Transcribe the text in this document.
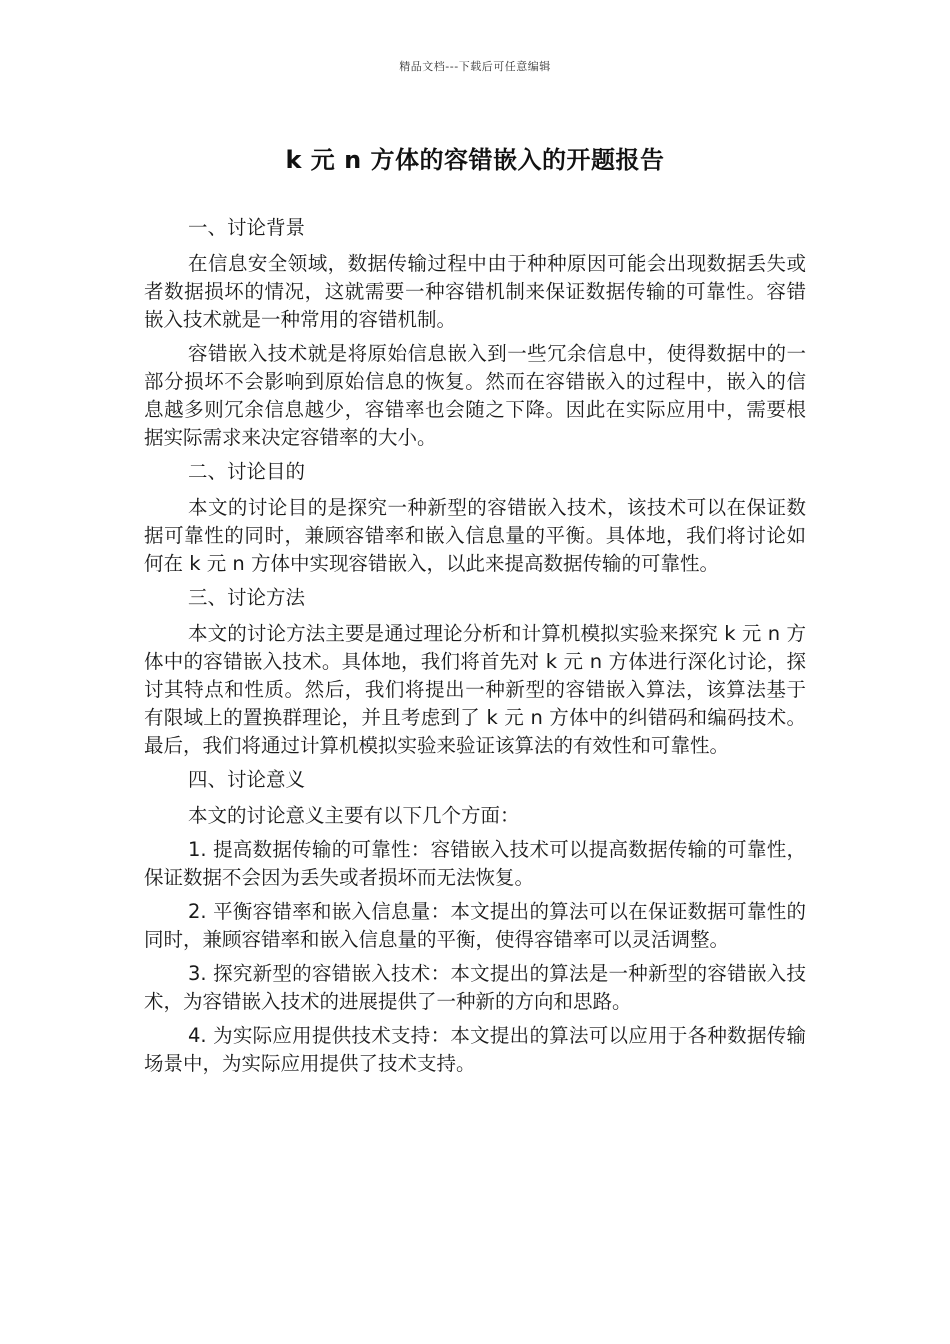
精品文档---下载后可任意编辑
k 元 n 方体的容错嵌入的开题报告

一、讨论背景

在信息安全领域，数据传输过程中由于种种原因可能会出现数据丢失或者数据损坏的情况，这就需要一种容错机制来保证数据传输的可靠性。容错嵌入技术就是一种常用的容错机制。

容错嵌入技术就是将原始信息嵌入到一些冗余信息中，使得数据中的一部分损坏不会影响到原始信息的恢复。然而在容错嵌入的过程中，嵌入的信息越多则冗余信息越少，容错率也会随之下降。因此在实际应用中，需要根据实际需求来决定容错率的大小。

二、讨论目的

本文的讨论目的是探究一种新型的容错嵌入技术，该技术可以在保证数据可靠性的同时，兼顾容错率和嵌入信息量的平衡。具体地，我们将讨论如何在 k 元 n 方体中实现容错嵌入，以此来提高数据传输的可靠性。

三、讨论方法

本文的讨论方法主要是通过理论分析和计算机模拟实验来探究 k 元 n 方体中的容错嵌入技术。具体地，我们将首先对 k 元 n 方体进行深化讨论，探讨其特点和性质。然后，我们将提出一种新型的容错嵌入算法，该算法基于有限域上的置换群理论，并且考虑到了 k 元 n 方体中的纠错码和编码技术。最后，我们将通过计算机模拟实验来验证该算法的有效性和可靠性。

四、讨论意义

本文的讨论意义主要有以下几个方面：

1. 提高数据传输的可靠性：容错嵌入技术可以提高数据传输的可靠性，保证数据不会因为丢失或者损坏而无法恢复。

2. 平衡容错率和嵌入信息量：本文提出的算法可以在保证数据可靠性的同时，兼顾容错率和嵌入信息量的平衡，使得容错率可以灵活调整。

3. 探究新型的容错嵌入技术：本文提出的算法是一种新型的容错嵌入技术，为容错嵌入技术的进展提供了一种新的方向和思路。

4. 为实际应用提供技术支持：本文提出的算法可以应用于各种数据传输场景中，为实际应用提供了技术支持。
